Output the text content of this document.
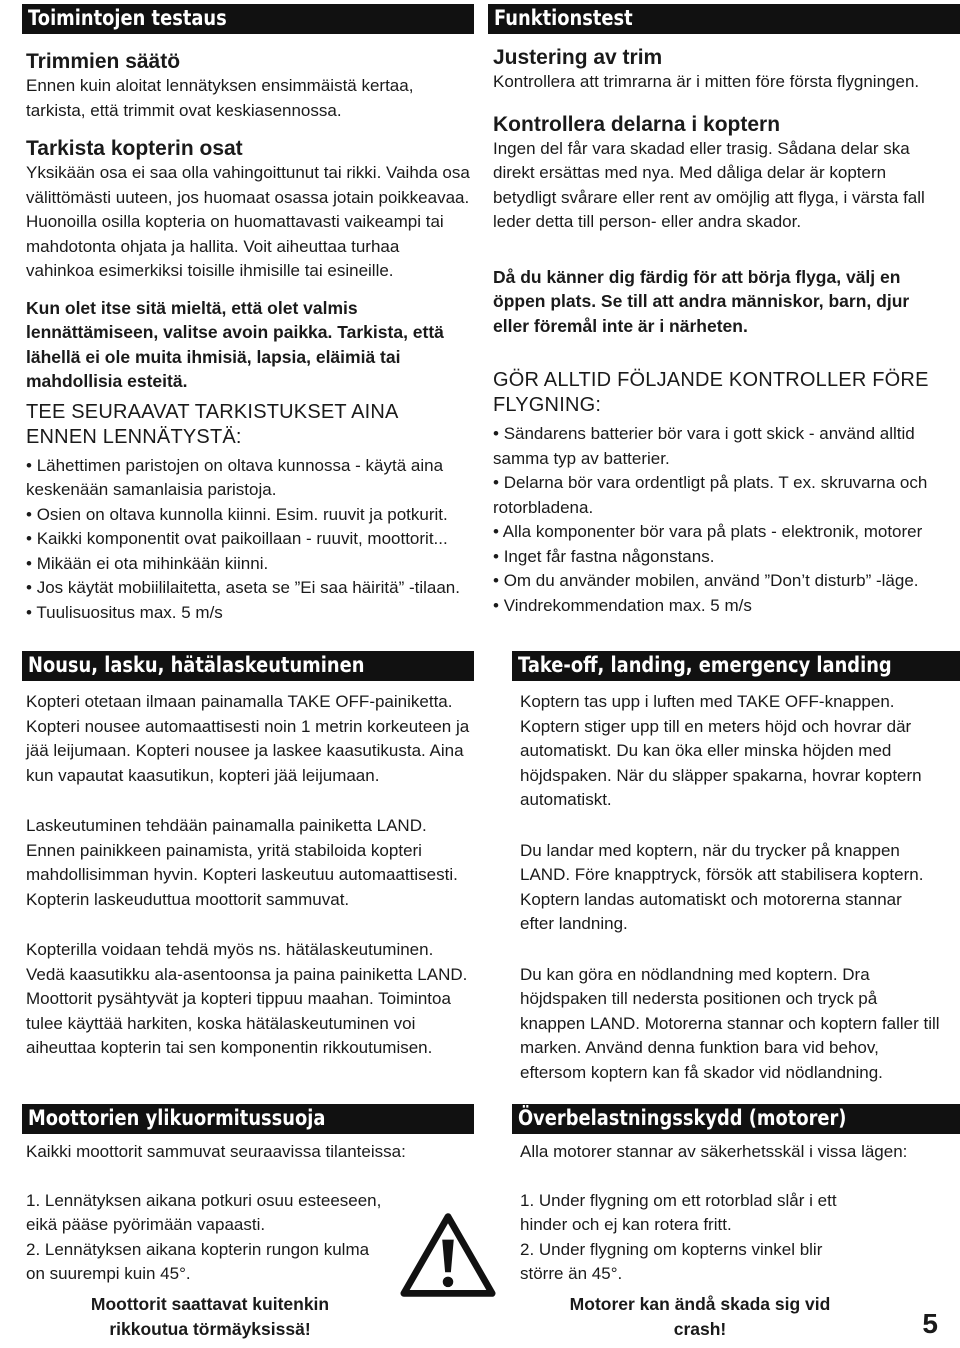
Toimintojen testaus
Trimmien säätö

Ennen kuin aloitat lennätyksen ensimmäistä kertaa, tarkista, että trimmit ovat keskiasennossa.

Tarkista kopterin osat

Yksikään osa ei saa olla vahingoittunut tai rikki. Vaihda osa välittömästi uuteen, jos huomaat osassa jotain poikkeavaa. Huonoilla osilla kopteria on huomattavasti vaikeampi tai mahdotonta ohjata ja hallita. Voit aiheuttaa turhaa vahinkoa esimerkiksi toisille ihmisille tai esineille.

Kun olet itse sitä mieltä, että olet valmis lennättämiseen, valitse avoin paikka. Tarkista, että lähellä ei ole muita ihmisiä, lapsia, eläimiä tai mahdollisia esteitä.

TEE SEURAAVAT TARKISTUKSET AINA ENNEN LENNÄTYSTÄ:
• Lähettimen paristojen on oltava kunnossa - käytä aina keskenään samanlaisia paristoja.
• Osien on oltava kunnolla kiinni. Esim. ruuvit ja potkurit.
• Kaikki komponentit ovat paikoillaan - ruuvit, moottorit...
• Mikään ei ota mihinkään kiinni.
• Jos käytät mobiililaitetta, aseta se ”Ei saa häiritä” -tilaan.
• Tuulisuositus max. 5 m/s
Nousu, lasku, hätälaskeutuminen

Kopteri otetaan ilmaan painamalla TAKE OFF-painiketta. Kopteri nousee automaattisesti noin 1 metrin korkeuteen ja jää leijumaan. Kopteri nousee ja laskee kaasutikusta. Aina kun vapautat kaasutikun, kopteri jää leijumaan.

Laskeutuminen tehdään painamalla painiketta LAND. Ennen painikkeen painamista, yritä stabiloida kopteri mahdollisimman hyvin. Kopteri laskeutuu automaattisesti. Kopterin laskeuduttua moottorit sammuvat.

Kopterilla voidaan tehdä myös ns. hätälaskeutuminen. Vedä kaasutikku ala-asentoonsa ja paina painiketta LAND. Moottorit pysähtyvät ja kopteri tippuu maahan. Toimintoa tulee käyttää harkiten, koska hätälaskeutuminen voi aiheuttaa kopterin tai sen komponentin rikkoutumisen.

Moottorien ylikuormitussuoja

Kaikki moottorit sammuvat seuraavissa tilanteissa:

1. Lennätyksen aikana potkuri osuu esteeseen, eikä pääse pyörimään vapaasti.
2. Lennätyksen aikana kopterin rungon kulma on suurempi kuin 45°.
Moottorit saattavat kuitenkin rikkoutua törmäyksissä!
Funktionstest
Justering av trim

Kontrollera att trimrarna är i mitten före första flygningen.

Kontrollera delarna i koptern

Ingen del får vara skadad eller trasig. Sådana delar ska direkt ersättas med nya. Med dåliga delar är koptern betydligt svårare eller rent av omöjlig att flyga, i värsta fall leder detta till person- eller andra skador.

Då du känner dig färdig för att börja flyga, välj en öppen plats. Se till att andra människor, barn, djur eller föremål inte är i närheten.

GÖR ALLTID FÖLJANDE KONTROLLER FÖRE FLYGNING:
• Sändarens batterier bör vara i gott skick - använd alltid samma typ av batterier.
• Delarna bör vara ordentligt på plats. T ex. skruvarna och rotorbladena.
• Alla komponenter bör vara på plats - elektronik, motorer
• Inget får fastna någonstans.
• Om du använder mobilen, använd ”Don’t disturb” -läge.
• Vindrekommendation max. 5 m/s
Take-off, landing, emergency landing

Koptern tas upp i luften med TAKE OFF-knappen. Koptern stiger upp till en meters höjd och hovrar där automatiskt. Du kan öka eller minska höjden med höjdspaken. När du släpper spakarna, hovrar koptern automatiskt.

Du landar med koptern, när du trycker på knappen LAND. Före knapptryck, försök att stabilisera koptern. Koptern landas automatiskt och motorerna stannar efter landning.

Du kan göra en nödlandning med koptern. Dra höjdspaken till nedersta positionen och tryck på knappen LAND. Motorerna stannar och koptern faller till marken. Använd denna funktion bara vid behov, eftersom koptern kan få skador vid nödlandning.

Överbelastningsskydd (motorer)

Alla motorer stannar av säkerhetsskäl i vissa lägen:

1. Under flygning om ett rotorblad slår i ett hinder och ej kan rotera fritt.
2. Under flygning om kopterns vinkel blir större än 45°.
Motorer kan ändå skada sig vid crash!	5
